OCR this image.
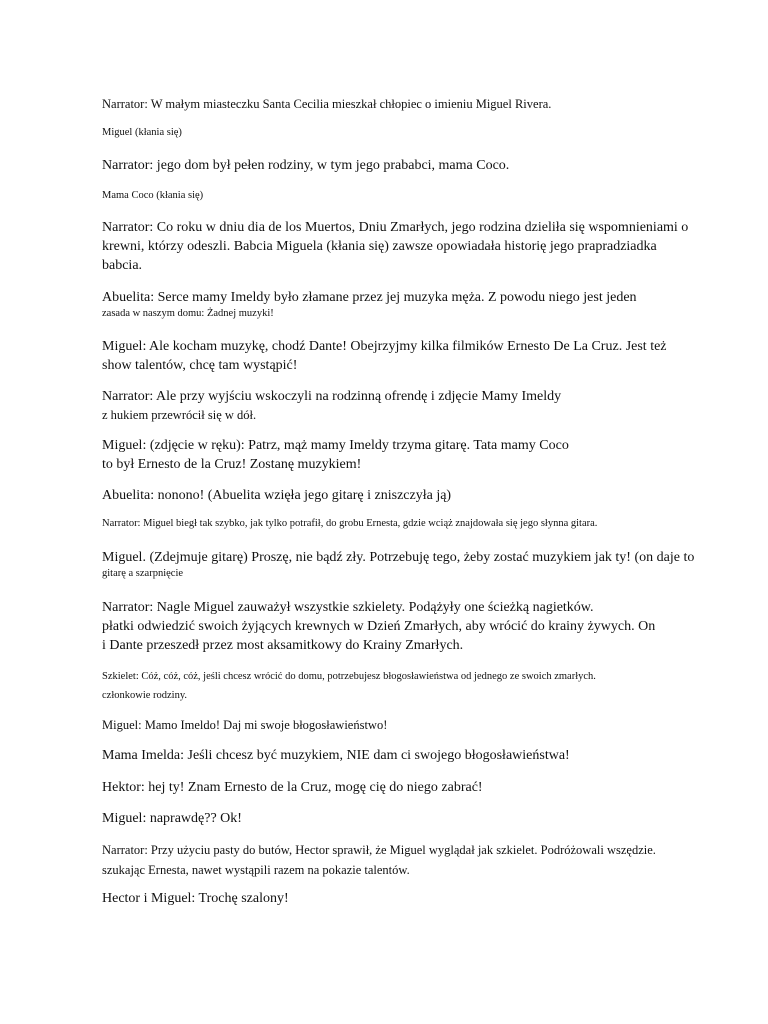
Narrator: W małym miasteczku Santa Cecilia mieszkał chłopiec o imieniu Miguel Rivera.

Miguel (kłania się)

Narrator: jego dom był pełen rodziny, w tym jego prababci, mama Coco.

Mama Coco (kłania się)

Narrator: Co roku w dniu dia de los Muertos, Dniu Zmarłych, jego rodzina dzieliła się wspomnieniami o
krewni, którzy odeszli. Babcia Miguela (kłania się) zawsze opowiadała historię jego prapradziadka
babcia.

Abuelita: Serce mamy Imeldy było złamane przez jej muzyka męża. Z powodu niego jest jeden
zasada w naszym domu: Żadnej muzyki!

Miguel: Ale kocham muzykę, chodź Dante! Obejrzyjmy kilka filmików Ernesto De La Cruz. Jest też
show talentów, chcę tam wystąpić!

Narrator: Ale przy wyjściu wskoczyli na rodzinną ofrendę i zdjęcie Mamy Imeldy
z hukiem przewrócił się w dół.

Miguel: (zdjęcie w ręku): Patrz, mąż mamy Imeldy trzyma gitarę. Tata mamy Coco
to był Ernesto de la Cruz! Zostanę muzykiem!

Abuelita: nonono! (Abuelita wzięła jego gitarę i zniszczyła ją)

Narrator: Miguel biegł tak szybko, jak tylko potrafił, do grobu Ernesta, gdzie wciąż znajdowała się jego słynna gitara.

Miguel. (Zdejmuje gitarę) Proszę, nie bądź zły. Potrzebuję tego, żeby zostać muzykiem jak ty! (on daje to
gitarę a szarpnięcie

Narrator: Nagle Miguel zauważył wszystkie szkielety. Podążyły one ścieżką nagietków.
płatki odwiedzić swoich żyjących krewnych w Dzień Zmarłych, aby wrócić do krainy żywych. On
i Dante przeszedł przez most aksamitkowy do Krainy Zmarłych.

Szkielet: Cóż, cóż, cóż, jeśli chcesz wrócić do domu, potrzebujesz błogosławieństwa od jednego ze swoich zmarłych.
członkowie rodziny.

Miguel: Mamo Imeldo! Daj mi swoje błogosławieństwo!

Mama Imelda: Jeśli chcesz być muzykiem, NIE dam ci swojego błogosławieństwa!

Hektor: hej ty! Znam Ernesto de la Cruz, mogę cię do niego zabrać!

Miguel: naprawdę?? Ok!

Narrator: Przy użyciu pasty do butów, Hector sprawił, że Miguel wyglądał jak szkielet. Podróżowali wszędzie.
szukając Ernesta, nawet wystąpili razem na pokazie talentów.

Hector i Miguel: Trochę szalony!
